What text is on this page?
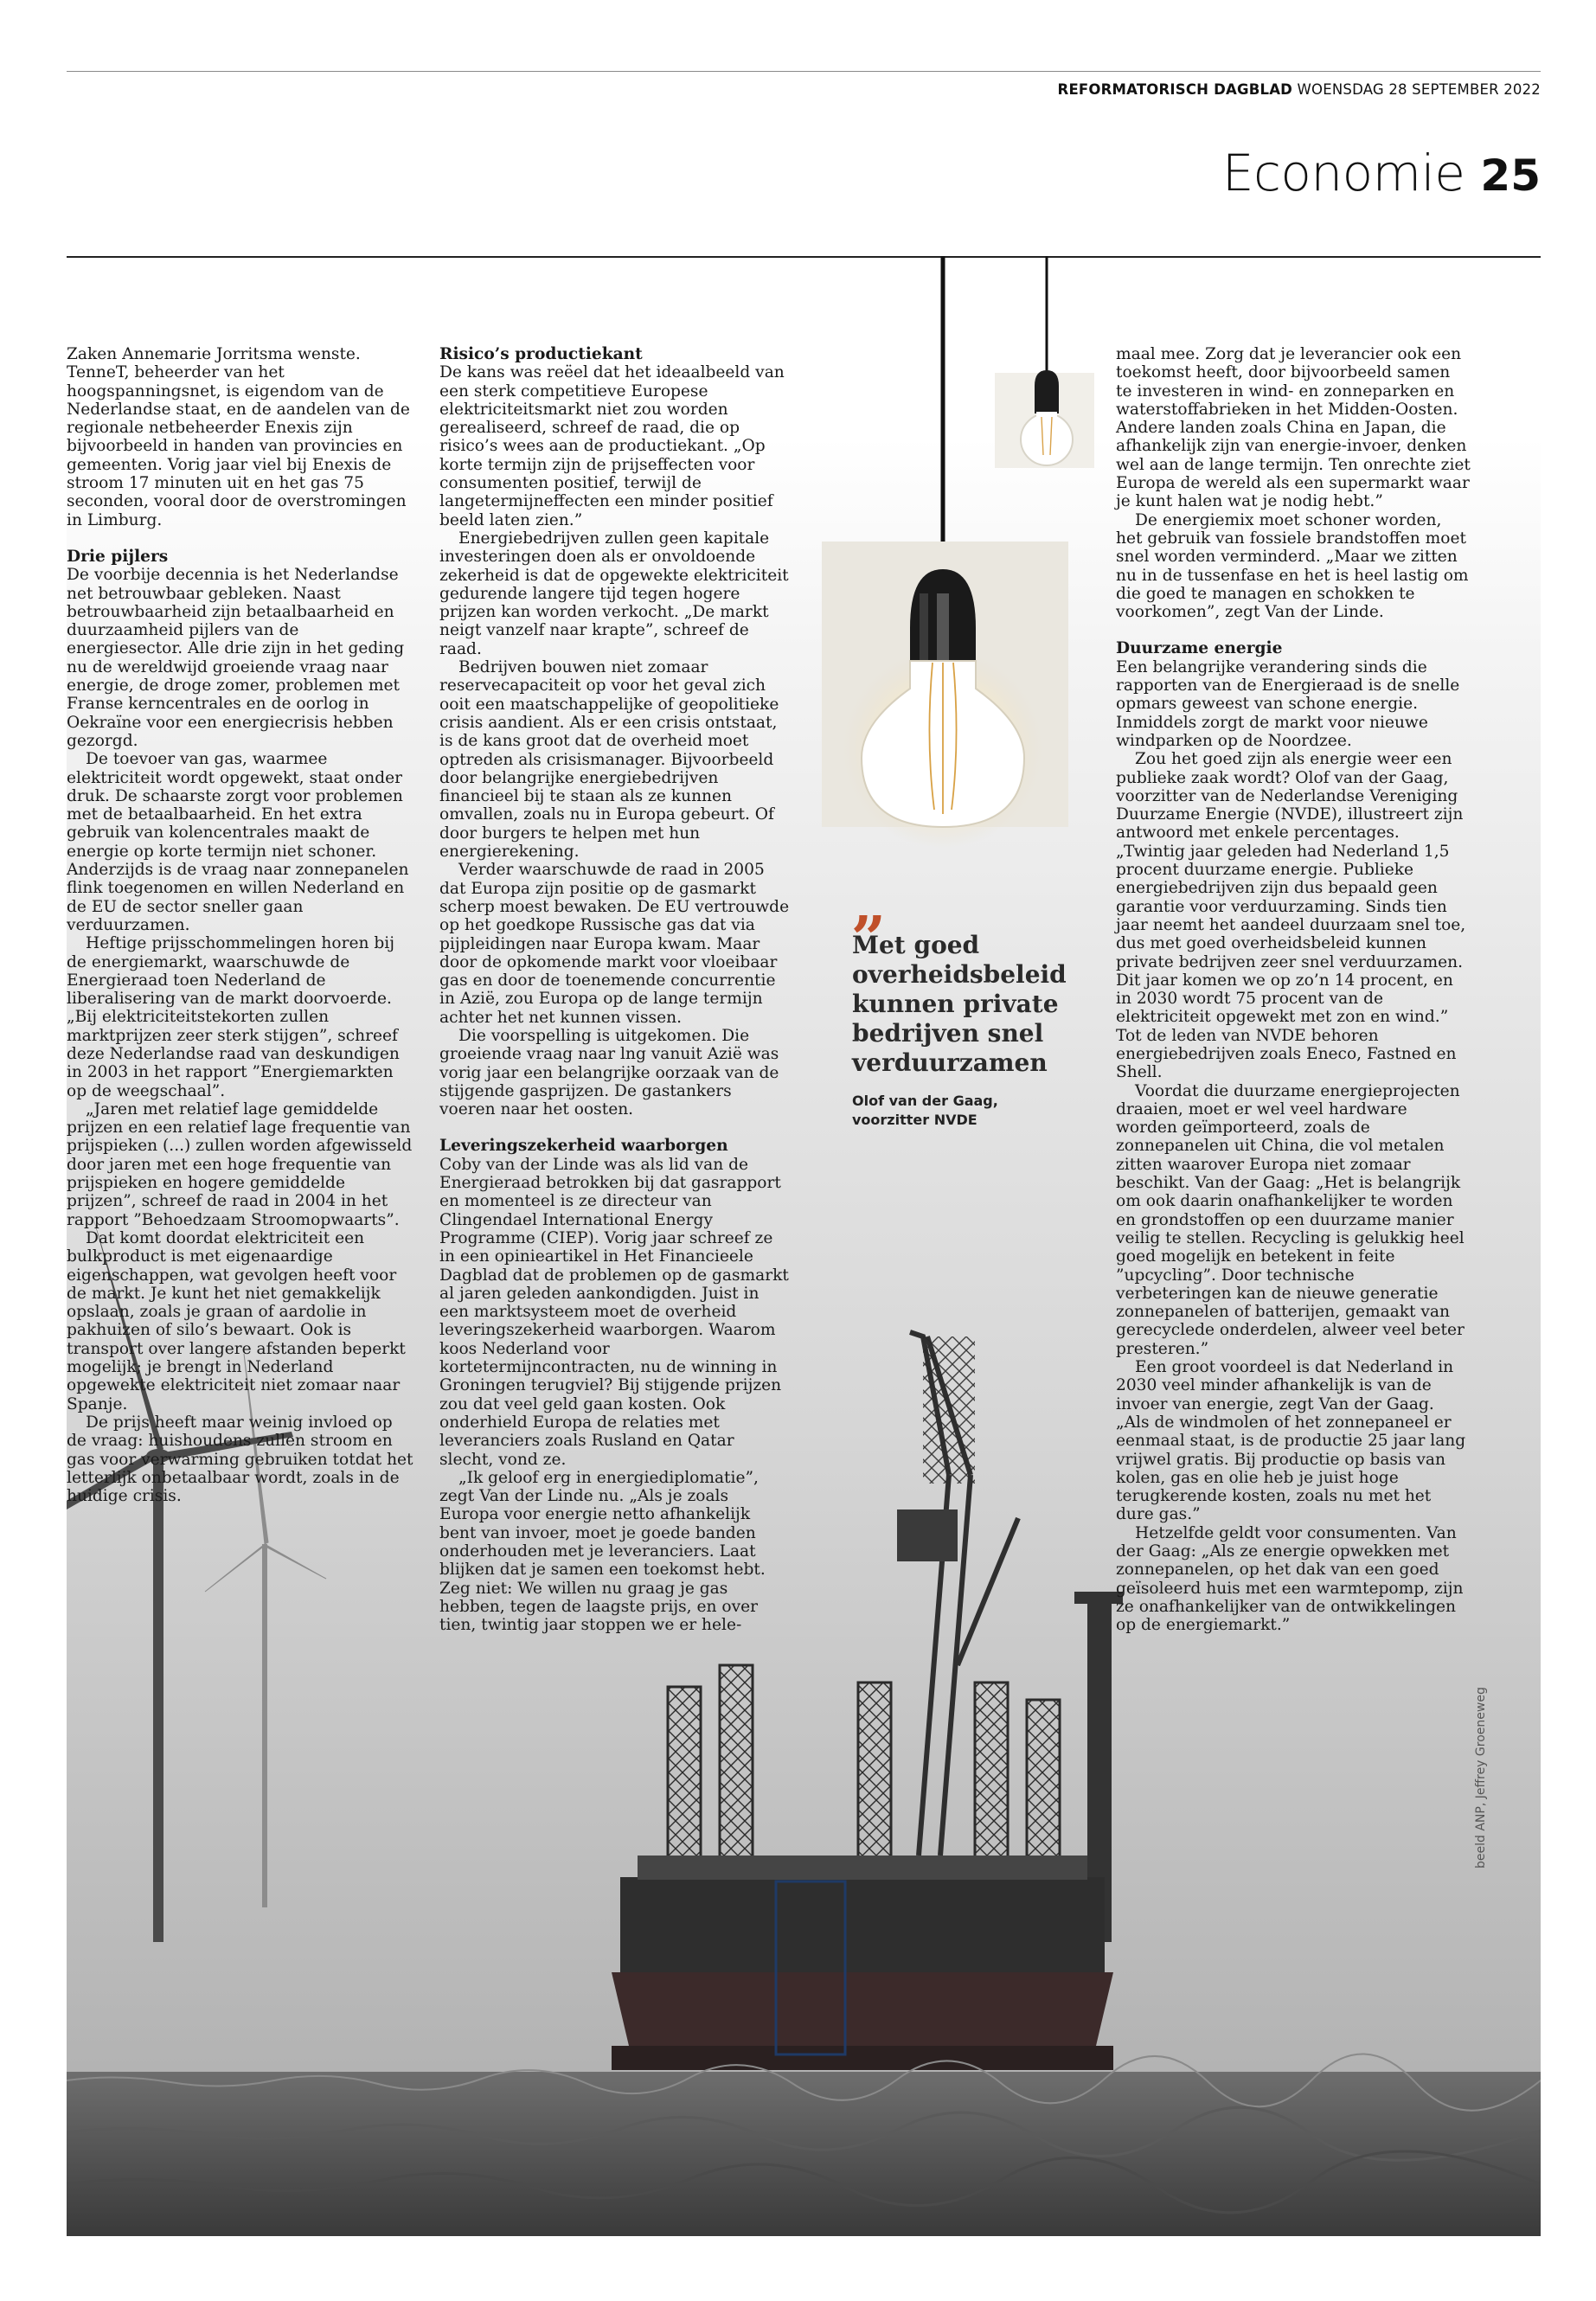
REFORMATORISCH DAGBLAD WOENSDAG 28 SEPTEMBER 2022
Economie 25

Zaken Annemarie Jorritsma wenste. TenneT, beheerder van het hoogspanningsnet, is eigendom van de Nederlandse staat, en de aandelen van de regionale netbeheerder Enexis zijn bijvoorbeeld in handen van provincies en gemeenten. Vorig jaar viel bij Enexis de stroom 17 minuten uit en het gas 75 seconden, vooral door de overstromingen in Limburg.

Drie pijlers

De voorbije decennia is het Nederlandse net betrouwbaar gebleken. Naast betrouwbaarheid zijn betaalbaarheid en duurzaamheid pijlers van de energiesector. Alle drie zijn in het geding nu de wereldwijd groeiende vraag naar energie, de droge zomer, problemen met Franse kerncentrales en de oorlog in Oekraïne voor een energiecrisis hebben gezorgd.

De toevoer van gas, waarmee elektriciteit wordt opgewekt, staat onder druk. De schaarste zorgt voor problemen met de betaalbaarheid. En het extra gebruik van kolencentrales maakt de energie op korte termijn niet schoner. Anderzijds is de vraag naar zonnepanelen flink toegenomen en willen Nederland en de EU de sector sneller gaan verduurzamen.

Heftige prijsschommelingen horen bij de energiemarkt, waarschuwde de Energieraad toen Nederland de liberalisering van de markt doorvoerde. „Bij elektriciteitstekorten zullen marktprijzen zeer sterk stijgen”, schreef deze Nederlandse raad van deskundigen in 2003 in het rapport ”Energiemarkten op de weegschaal”.

„Jaren met relatief lage gemiddelde prijzen en een relatief lage frequentie van prijspieken (...) zullen worden afgewisseld door jaren met een hoge frequentie van prijspieken en hogere gemiddelde prijzen”, schreef de raad in 2004 in het rapport ”Behoedzaam Stroomopwaarts”.

Dat komt doordat elektriciteit een bulkproduct is met eigenaardige eigenschappen, wat gevolgen heeft voor de markt. Je kunt het niet gemakkelijk opslaan, zoals je graan of aardolie in pakhuizen of silo’s bewaart. Ook is transport over langere afstanden beperkt mogelijk; je brengt in Nederland opgewekte elektriciteit niet zomaar naar Spanje.

De prijs heeft maar weinig invloed op de vraag: huishoudens zullen stroom en gas voor verwarming gebruiken totdat het letterlijk onbetaalbaar wordt, zoals in de huidige crisis.

Risico’s productiekant

De kans was reëel dat het ideaalbeeld van een sterk competitieve Europese elektriciteitsmarkt niet zou worden gerealiseerd, schreef de raad, die op risico’s wees aan de productiekant. „Op korte termijn zijn de prijseffecten voor consumenten positief, terwijl de langetermijneffecten een minder positief beeld laten zien.”

Energiebedrijven zullen geen kapitale investeringen doen als er onvoldoende zekerheid is dat de opgewekte elektriciteit gedurende langere tijd tegen hogere prijzen kan worden verkocht. „De markt neigt vanzelf naar krapte”, schreef de raad.

Bedrijven bouwen niet zomaar reservecapaciteit op voor het geval zich ooit een maatschappelijke of geopolitieke crisis aandient. Als er een crisis ontstaat, is de kans groot dat de overheid moet optreden als crisismanager. Bijvoorbeeld door belangrijke energiebedrijven financieel bij te staan als ze kunnen omvallen, zoals nu in Europa gebeurt. Of door burgers te helpen met hun energierekening.

Verder waarschuwde de raad in 2005 dat Europa zijn positie op de gasmarkt scherp moest bewaken. De EU vertrouwde op het goedkope Russische gas dat via pijpleidingen naar Europa kwam. Maar door de opkomende markt voor vloeibaar gas en door de toenemende concurrentie in Azië, zou Europa op de lange termijn achter het net kunnen vissen.

Die voorspelling is uitgekomen. Die groeiende vraag naar lng vanuit Azië was vorig jaar een belangrijke oorzaak van de stijgende gasprijzen. De gastankers voeren naar het oosten.

Leveringszekerheid waarborgen

Coby van der Linde was als lid van de Energieraad betrokken bij dat gasrapport en momenteel is ze directeur van Clingendael International Energy Programme (CIEP). Vorig jaar schreef ze in een opinieartikel in Het Financieele Dagblad dat de problemen op de gasmarkt al jaren geleden aankondigden. Juist in een marktsysteem moet de overheid leveringszekerheid waarborgen. Waarom koos Nederland voor kortetermijncontracten, nu de winning in Groningen terugviel? Bij stijgende prijzen zou dat veel geld gaan kosten. Ook onderhield Europa de relaties met leveranciers zoals Rusland en Qatar slecht, vond ze.

„Ik geloof erg in energiediplomatie”, zegt Van der Linde nu. „Als je zoals Europa voor energie netto afhankelijk bent van invoer, moet je goede banden onderhouden met je leveranciers. Laat blijken dat je samen een toekomst hebt. Zeg niet: We willen nu graag je gas hebben, tegen de laagste prijs, en over tien, twintig jaar stoppen we er hele-

maal mee. Zorg dat je leverancier ook een toekomst heeft, door bijvoorbeeld samen te investeren in wind- en zonneparken en waterstoffabrieken in het Midden-Oosten. Andere landen zoals China en Japan, die afhankelijk zijn van energie-invoer, denken wel aan de lange termijn. Ten onrechte ziet Europa de wereld als een supermarkt waar je kunt halen wat je nodig hebt.”

De energiemix moet schoner worden, het gebruik van fossiele brandstoffen moet snel worden verminderd. „Maar we zitten nu in de tussenfase en het is heel lastig om die goed te managen en schokken te voorkomen”, zegt Van der Linde.

Duurzame energie

Een belangrijke verandering sinds die rapporten van de Energieraad is de snelle opmars geweest van schone energie. Inmiddels zorgt de markt voor nieuwe windparken op de Noordzee.

Zou het goed zijn als energie weer een publieke zaak wordt? Olof van der Gaag, voorzitter van de Nederlandse Vereniging Duurzame Energie (NVDE), illustreert zijn antwoord met enkele percentages. „Twintig jaar geleden had Nederland 1,5 procent duurzame energie. Publieke energiebedrijven zijn dus bepaald geen garantie voor verduurzaming. Sinds tien jaar neemt het aandeel duurzaam snel toe, dus met goed overheidsbeleid kunnen private bedrijven zeer snel verduurzamen. Dit jaar komen we op zo’n 14 procent, en in 2030 wordt 75 procent van de elektriciteit opgewekt met zon en wind.” Tot de leden van NVDE behoren energiebedrijven zoals Eneco, Fastned en Shell.

Voordat die duurzame energieprojecten draaien, moet er wel veel hardware worden geïmporteerd, zoals de zonnepanelen uit China, die vol metalen zitten waarover Europa niet zomaar beschikt. Van der Gaag: „Het is belangrijk om ook daarin onafhankelijker te worden en grondstoffen op een duurzame manier veilig te stellen. Recycling is gelukkig heel goed mogelijk en betekent in feite ”upcycling”. Door technische verbeteringen kan de nieuwe generatie zonnepanelen of batterijen, gemaakt van gerecyclede onderdelen, alweer veel beter presteren.”

Een groot voordeel is dat Nederland in 2030 veel minder afhankelijk is van de invoer van energie, zegt Van der Gaag. „Als de windmolen of het zonnepaneel er eenmaal staat, is de productie 25 jaar lang vrijwel gratis. Bij productie op basis van kolen, gas en olie heb je juist hoge terugkerende kosten, zoals nu met het dure gas.”

Hetzelfde geldt voor consumenten. Van der Gaag: „Als ze energie opwekken met zonnepanelen, op het dak van een goed geïsoleerd huis met een warmtepomp, zijn ze onafhankelijker van de ontwikkelingen op de energiemarkt.”

„
Met goed overheidsbeleid kunnen private bedrijven snel verduurzamen
Olof van der Gaag,
voorzitter NVDE
beeld ANP, Jeffrey Groeneweg
